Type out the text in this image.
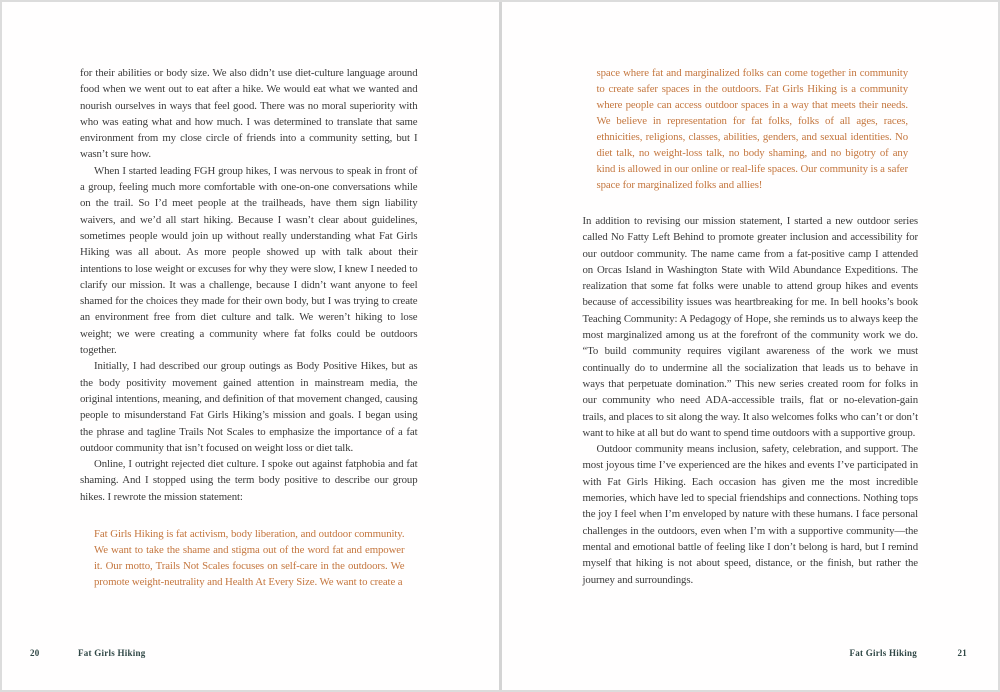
for their abilities or body size. We also didn’t use diet-culture language around food when we went out to eat after a hike. We would eat what we wanted and nourish ourselves in ways that feel good. There was no moral superiority with who was eating what and how much. I was determined to translate that same environment from my close circle of friends into a community setting, but I wasn’t sure how.

When I started leading FGH group hikes, I was nervous to speak in front of a group, feeling much more comfortable with one-on-one conversations while on the trail. So I’d meet people at the trailheads, have them sign liability waivers, and we’d all start hiking. Because I wasn’t clear about guidelines, sometimes people would join up without really understanding what Fat Girls Hiking was all about. As more people showed up with talk about their intentions to lose weight or excuses for why they were slow, I knew I needed to clarify our mission. It was a challenge, because I didn’t want anyone to feel shamed for the choices they made for their own body, but I was trying to create an environment free from diet culture and talk. We weren’t hiking to lose weight; we were creating a community where fat folks could be outdoors together.

Initially, I had described our group outings as Body Positive Hikes, but as the body positivity movement gained attention in mainstream media, the original intentions, meaning, and definition of that movement changed, causing people to misunderstand Fat Girls Hiking’s mission and goals. I began using the phrase and tagline Trails Not Scales to emphasize the importance of a fat outdoor community that isn’t focused on weight loss or diet talk.

Online, I outright rejected diet culture. I spoke out against fatphobia and fat shaming. And I stopped using the term body positive to describe our group hikes. I rewrote the mission statement:

Fat Girls Hiking is fat activism, body liberation, and outdoor community. We want to take the shame and stigma out of the word fat and empower it. Our motto, Trails Not Scales focuses on self-care in the outdoors. We promote weight-neutrality and Health At Every Size. We want to create a
20	Fat Girls Hiking
space where fat and marginalized folks can come together in community to create safer spaces in the outdoors. Fat Girls Hiking is a community where people can access outdoor spaces in a way that meets their needs. We believe in representation for fat folks, folks of all ages, races, ethnicities, religions, classes, abilities, genders, and sexual identities. No diet talk, no weight-loss talk, no body shaming, and no bigotry of any kind is allowed in our online or real-life spaces. Our community is a safer space for marginalized folks and allies!

In addition to revising our mission statement, I started a new outdoor series called No Fatty Left Behind to promote greater inclusion and accessibility for our outdoor community. The name came from a fat-positive camp I attended on Orcas Island in Washington State with Wild Abundance Expeditions. The realization that some fat folks were unable to attend group hikes and events because of accessibility issues was heartbreaking for me. In bell hooks’s book Teaching Community: A Pedagogy of Hope, she reminds us to always keep the most marginalized among us at the forefront of the community work we do. “To build community requires vigilant awareness of the work we must continually do to undermine all the socialization that leads us to behave in ways that perpetuate domination.” This new series created room for folks in our community who need ADA-accessible trails, flat or no-elevation-gain trails, and places to sit along the way. It also welcomes folks who can’t or don’t want to hike at all but do want to spend time outdoors with a supportive group.

Outdoor community means inclusion, safety, celebration, and support. The most joyous time I’ve experienced are the hikes and events I’ve participated in with Fat Girls Hiking. Each occasion has given me the most incredible memories, which have led to special friendships and connections. Nothing tops the joy I feel when I’m enveloped by nature with these humans. I face personal challenges in the outdoors, even when I’m with a supportive community—the mental and emotional battle of feeling like I don’t belong is hard, but I remind myself that hiking is not about speed, distance, or the finish, but rather the journey and surroundings.

Fat Girls Hiking	21
